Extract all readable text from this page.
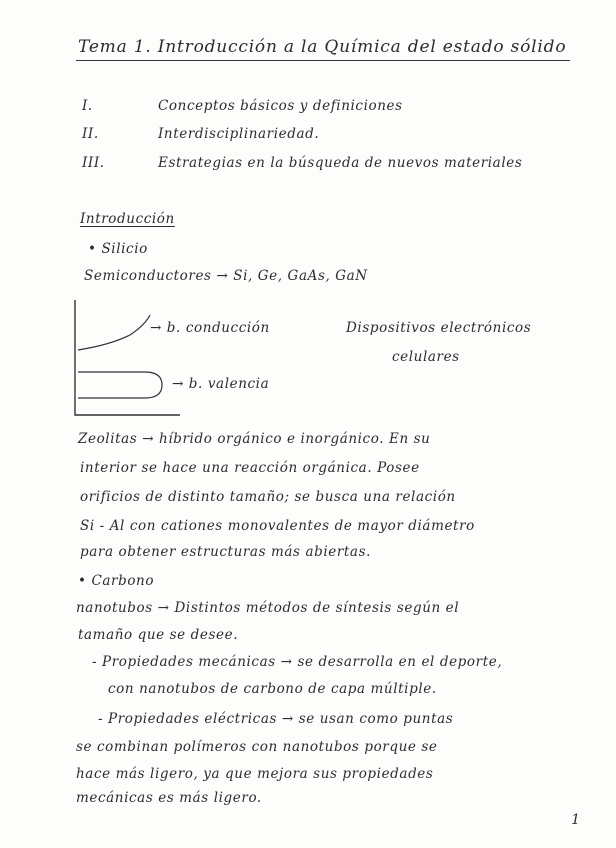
Tema 1. Introducción a la Química del estado sólido
I.	Conceptos básicos y definiciones
II.	Interdisciplinariedad.
III.	Estrategias en la búsqueda de nuevos materiales
Introducción
• Silicio
Semiconductores → Si, Ge, GaAs, GaN
→ b. conducción
→ b. valencia
Dispositivos electrónicos
celulares
Zeolitas → híbrido orgánico e inorgánico. En su
interior se hace una reacción orgánica. Posee
orificios de distinto tamaño; se busca una relación
Si - Al con cationes monovalentes de mayor diámetro
para obtener estructuras más abiertas.
• Carbono
nanotubos → Distintos métodos de síntesis según el
tamaño que se desee.
- Propiedades mecánicas → se desarrolla en el deporte,
con nanotubos de carbono de capa múltiple.
- Propiedades eléctricas → se usan como puntas
se combinan polímeros con nanotubos porque se
hace más ligero, ya que mejora sus propiedades
mecánicas es más ligero.
1
